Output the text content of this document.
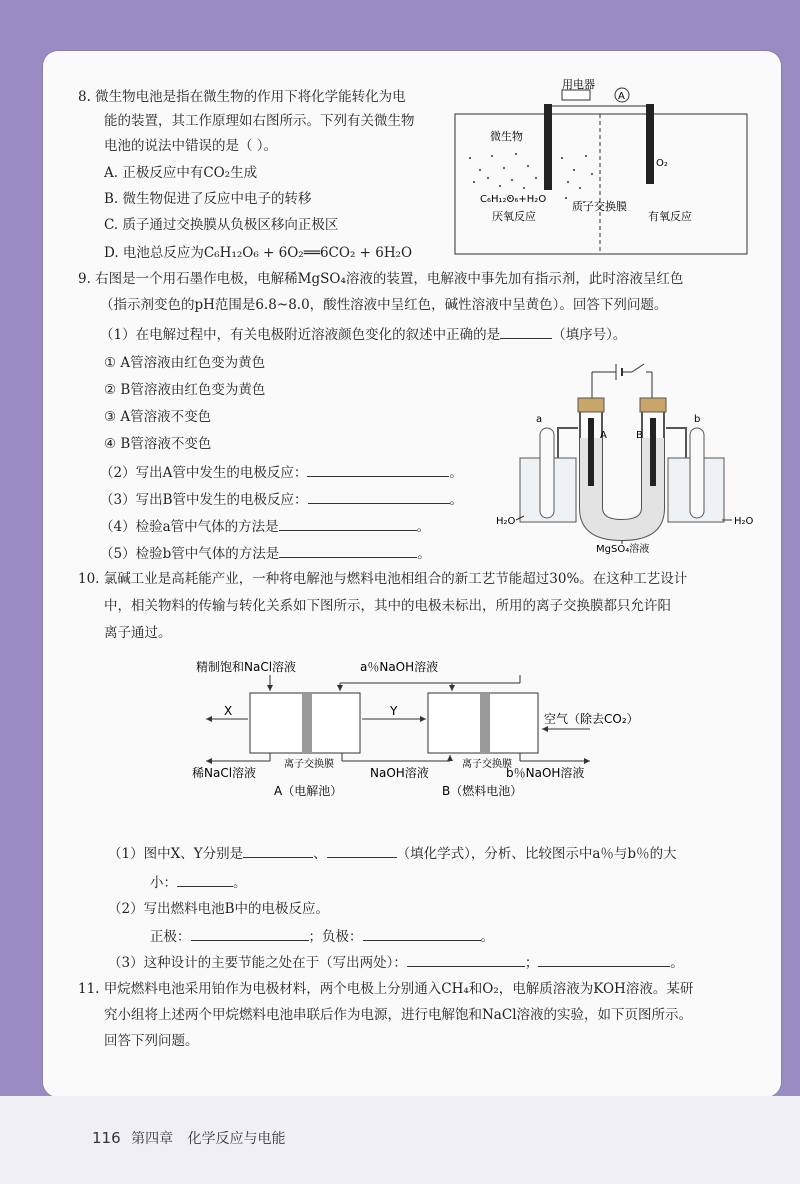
8. 微生物电池是指在微生物的作用下将化学能转化为电
能的装置，其工作原理如右图所示。下列有关微生物
电池的说法中错误的是（ ）。
A. 正极反应中有CO₂生成
B. 微生物促进了反应中电子的转移
C. 质子通过交换膜从负极区移向正极区
D. 电池总反应为C₆H₁₂O₆ + 6O₂══6CO₂ + 6H₂O
用电器
A
微生物
C₆H₁₂O₆+H₂O
O₂
质子交换膜
厌氧反应	有氧反应
9. 右图是一个用石墨作电极，电解稀MgSO₄溶液的装置，电解液中事先加有指示剂，此时溶液呈红色
（指示剂变色的pH范围是6.8~8.0，酸性溶液中呈红色，碱性溶液中呈黄色）。回答下列问题。
（1）在电解过程中，有关电极附近溶液颜色变化的叙述中正确的是	（填序号）。
① A管溶液由红色变为黄色
② B管溶液由红色变为黄色
③ A管溶液不变色
④ B管溶液不变色
（2）写出A管中发生的电极反应：	。
（3）写出B管中发生的电极反应：	。
（4）检验a管中气体的方法是	。
（5）检验b管中气体的方法是	。
A	B
a	b
H₂O	H₂O
MgSO₄溶液
10. 氯碱工业是高耗能产业，一种将电解池与燃料电池相组合的新工艺节能超过30%。在这种工艺设计
中，相关物料的传输与转化关系如下图所示，其中的电极未标出，所用的离子交换膜都只允许阳
离子通过。
精制饱和NaCl溶液	a％NaOH溶液
X	Y
空气（除去CO₂）
离子交换膜	离子交换膜
稀NaCl溶液	NaOH溶液	b％NaOH溶液
A（电解池）	B（燃料电池）
（1）图中X、Y分别是	、	（填化学式），分析、比较图示中a％与b％的大
小：	。
（2）写出燃料电池B中的电极反应。
正极：	；负极：	。
（3）这种设计的主要节能之处在于（写出两处）：	；	。
11. 甲烷燃料电池采用铂作为电极材料，两个电极上分别通入CH₄和O₂，电解质溶液为KOH溶液。某研
究小组将上述两个甲烷燃料电池串联后作为电源，进行电解饱和NaCl溶液的实验，如下页图所示。
回答下列问题。
116 第四章 化学反应与电能
